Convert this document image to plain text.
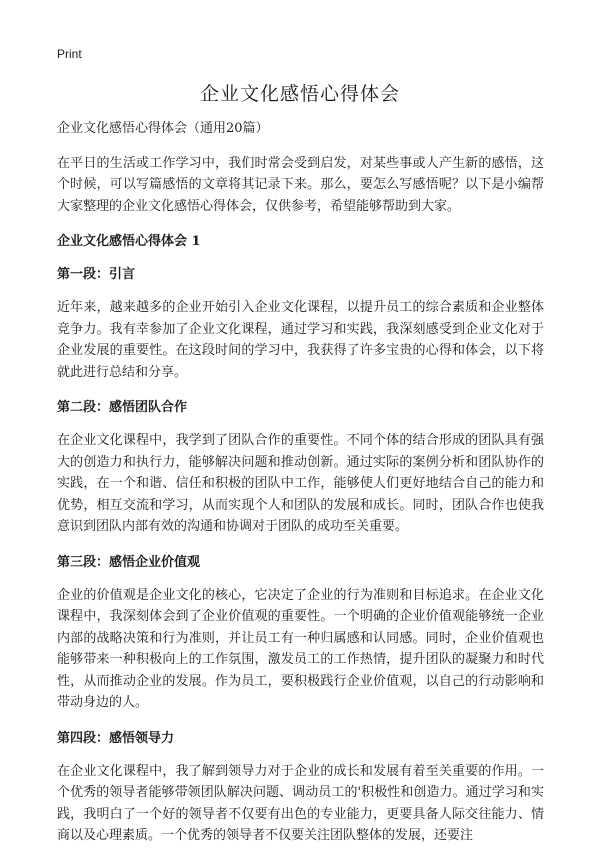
Print
企业文化感悟心得体会

企业文化感悟心得体会（通用20篇）

在平日的生活或工作学习中，我们时常会受到启发，对某些事或人产生新的感悟，这个时候，可以写篇感悟的文章将其记录下来。那么，要怎么写感悟呢？以下是小编帮大家整理的企业文化感悟心得体会，仅供参考，希望能够帮助到大家。

企业文化感悟心得体会 1
第一段：引言

近年来，越来越多的企业开始引入企业文化课程，以提升员工的综合素质和企业整体竞争力。我有幸参加了企业文化课程，通过学习和实践，我深刻感受到企业文化对于企业发展的重要性。在这段时间的学习中，我获得了许多宝贵的心得和体会，以下将就此进行总结和分享。

第二段：感悟团队合作

在企业文化课程中，我学到了团队合作的重要性。不同个体的结合形成的团队具有强大的创造力和执行力，能够解决问题和推动创新。通过实际的案例分析和团队协作的实践，在一个和谐、信任和积极的团队中工作，能够使人们更好地结合自己的能力和优势，相互交流和学习，从而实现个人和团队的发展和成长。同时，团队合作也使我意识到团队内部有效的沟通和协调对于团队的成功至关重要。

第三段：感悟企业价值观

企业的价值观是企业文化的核心，它决定了企业的行为准则和目标追求。在企业文化课程中，我深刻体会到了企业价值观的重要性。一个明确的企业价值观能够统一企业内部的战略决策和行为准则，并让员工有一种归属感和认同感。同时，企业价值观也能够带来一种积极向上的工作氛围，激发员工的工作热情，提升团队的凝聚力和时代性，从而推动企业的发展。作为员工，要积极践行企业价值观，以自己的行动影响和带动身边的人。

第四段：感悟领导力

在企业文化课程中，我了解到领导力对于企业的成长和发展有着至关重要的作用。一个优秀的领导者能够带领团队解决问题、调动员工的'积极性和创造力。通过学习和实践，我明白了一个好的领导者不仅要有出色的专业能力，更要具备人际交往能力、情商以及心理素质。一个优秀的领导者不仅要关注团队整体的发展，还要注
